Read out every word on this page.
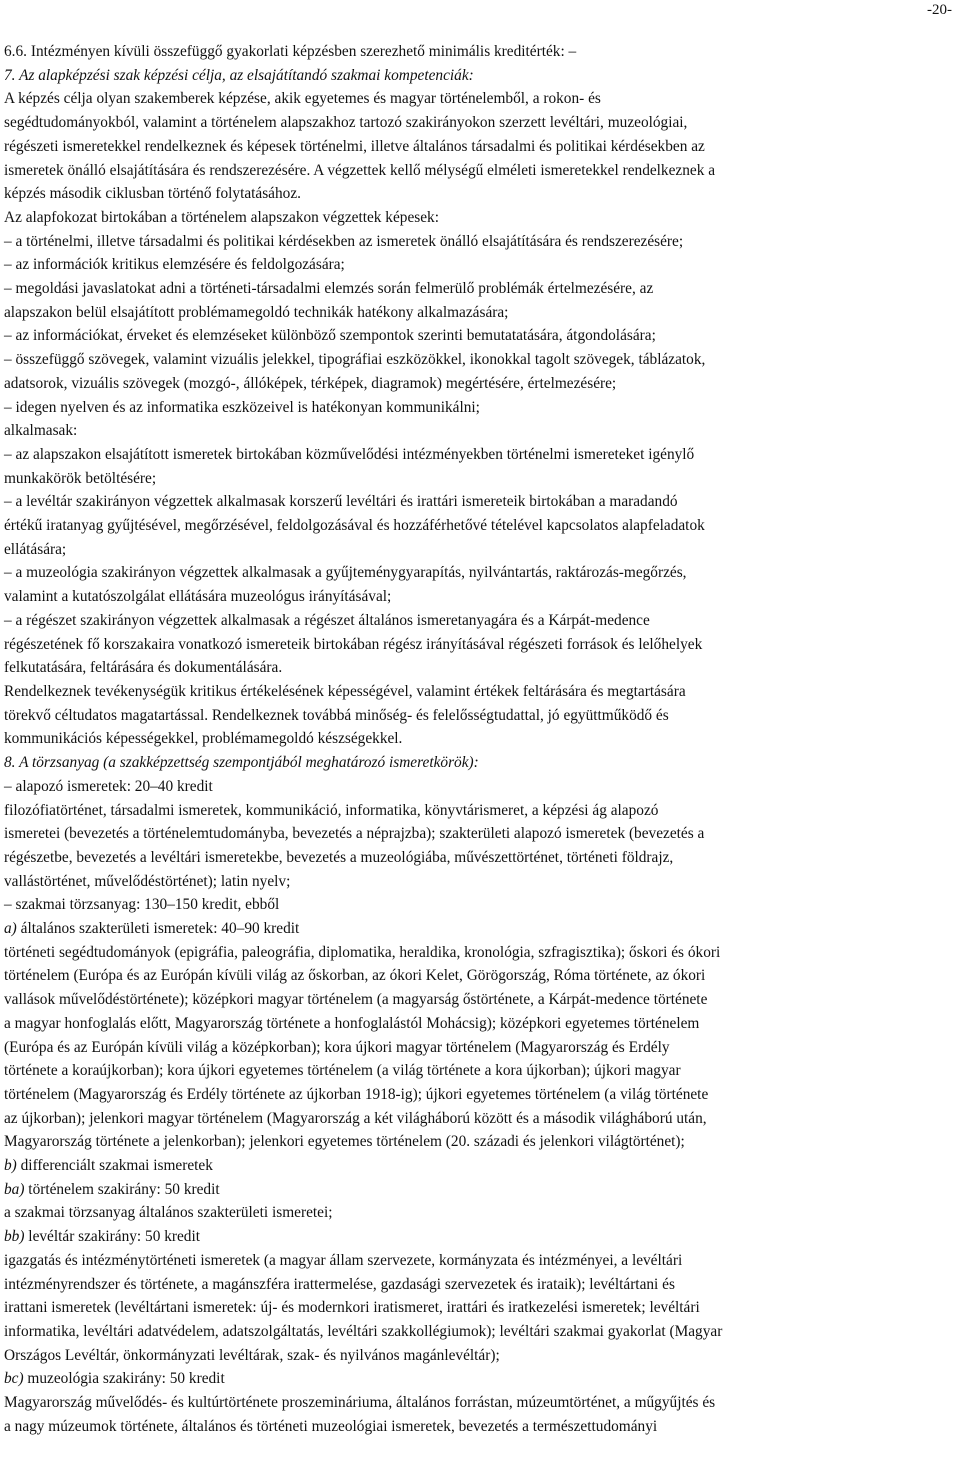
-20-

6.6. Intézményen kívüli összefüggő gyakorlati képzésben szerezhető minimális kreditérték: –

7. Az alapképzési szak képzési célja, az elsajátítandó szakmai kompetenciák:

A képzés célja olyan szakemberek képzése, akik egyetemes és magyar történelemből, a rokon- és

segédtudományokból, valamint a történelem alapszakhoz tartozó szakirányokon szerzett levéltári, muzeológiai,

régészeti ismeretekkel rendelkeznek és képesek történelmi, illetve általános társadalmi és politikai kérdésekben az

ismeretek önálló elsajátítására és rendszerezésére. A végzettek kellő mélységű elméleti ismeretekkel rendelkeznek a

képzés második ciklusban történő folytatásához.

Az alapfokozat birtokában a történelem alapszakon végzettek képesek:

– a történelmi, illetve társadalmi és politikai kérdésekben az ismeretek önálló elsajátítására és rendszerezésére;

– az információk kritikus elemzésére és feldolgozására;

– megoldási javaslatokat adni a történeti-társadalmi elemzés során felmerülő problémák értelmezésére, az

alapszakon belül elsajátított problémamegoldó technikák hatékony alkalmazására;

– az információkat, érveket és elemzéseket különböző szempontok szerinti bemutatatására, átgondolására;

– összefüggő szövegek, valamint vizuális jelekkel, tipográfiai eszközökkel, ikonokkal tagolt szövegek, táblázatok,

adatsorok, vizuális szövegek (mozgó-, állóképek, térképek, diagramok) megértésére, értelmezésére;

– idegen nyelven és az informatika eszközeivel is hatékonyan kommunikálni;

alkalmasak:

– az alapszakon elsajátított ismeretek birtokában közművelődési intézményekben történelmi ismereteket igénylő

munkakörök betöltésére;

– a levéltár szakirányon végzettek alkalmasak korszerű levéltári és irattári ismereteik birtokában a maradandó

értékű iratanyag gyűjtésével, megőrzésével, feldolgozásával és hozzáférhetővé tételével kapcsolatos alapfeladatok

ellátására;

– a muzeológia szakirányon végzettek alkalmasak a gyűjteménygyarapítás, nyilvántartás, raktározás-megőrzés,

valamint a kutatószolgálat ellátására muzeológus irányításával;

– a régészet szakirányon végzettek alkalmasak a régészet általános ismeretanyagára és a Kárpát-medence

régészetének fő korszakaira vonatkozó ismereteik birtokában régész irányításával régészeti források és lelőhelyek

felkutatására, feltárására és dokumentálására.

Rendelkeznek tevékenységük kritikus értékelésének képességével, valamint értékek feltárására és megtartására

törekvő céltudatos magatartással. Rendelkeznek továbbá minőség- és felelősségtudattal, jó együttműködő és

kommunikációs képességekkel, problémamegoldó készségekkel.

8. A törzsanyag (a szakképzettség szempontjából meghatározó ismeretkörök):

– alapozó ismeretek: 20–40 kredit

filozófiatörténet, társadalmi ismeretek, kommunikáció, informatika, könyvtárismeret, a képzési ág alapozó

ismeretei (bevezetés a történelemtudományba, bevezetés a néprajzba); szakterületi alapozó ismeretek (bevezetés a

régészetbe, bevezetés a levéltári ismeretekbe, bevezetés a muzeológiába, művészettörténet, történeti földrajz,

vallástörténet, művelődéstörténet); latin nyelv;

– szakmai törzsanyag: 130–150 kredit, ebből

a) általános szakterületi ismeretek: 40–90 kredit

történeti segédtudományok (epigráfia, paleográfia, diplomatika, heraldika, kronológia, szfragisztika); őskori és ókori

történelem (Európa és az Európán kívüli világ az őskorban, az ókori Kelet, Görögország, Róma története, az ókori

vallások művelődéstörténete); középkori magyar történelem (a magyarság őstörténete, a Kárpát-medence története

a magyar honfoglalás előtt, Magyarország története a honfoglalástól Mohácsig); középkori egyetemes történelem

(Európa és az Európán kívüli világ a középkorban); kora újkori magyar történelem (Magyarország és Erdély

története a koraújkorban); kora újkori egyetemes történelem (a világ története a kora újkorban); újkori magyar

történelem (Magyarország és Erdély története az újkorban 1918-ig); újkori egyetemes történelem (a világ története

az újkorban); jelenkori magyar történelem (Magyarország a két világháború között és a második világháború után,

Magyarország története a jelenkorban); jelenkori egyetemes történelem (20. századi és jelenkori világtörténet);

b) differenciált szakmai ismeretek

ba) történelem szakirány: 50 kredit

a szakmai törzsanyag általános szakterületi ismeretei;

bb) levéltár szakirány: 50 kredit

igazgatás és intézménytörténeti ismeretek (a magyar állam szervezete, kormányzata és intézményei, a levéltári

intézményrendszer és története, a magánszféra irattermelése, gazdasági szervezetek és irataik); levéltártani és

irattani ismeretek (levéltártani ismeretek: új- és modernkori iratismeret, irattári és iratkezelési ismeretek; levéltári

informatika, levéltári adatvédelem, adatszolgáltatás, levéltári szakkollégiumok); levéltári szakmai gyakorlat (Magyar

Országos Levéltár, önkormányzati levéltárak, szak- és nyilvános magánlevéltár);

bc) muzeológia szakirány: 50 kredit

Magyarország művelődés- és kultúrtörténete proszemináriuma, általános forrástan, múzeumtörténet, a műgyűjtés és

a nagy múzeumok története, általános és történeti muzeológiai ismeretek, bevezetés a természettudományi
